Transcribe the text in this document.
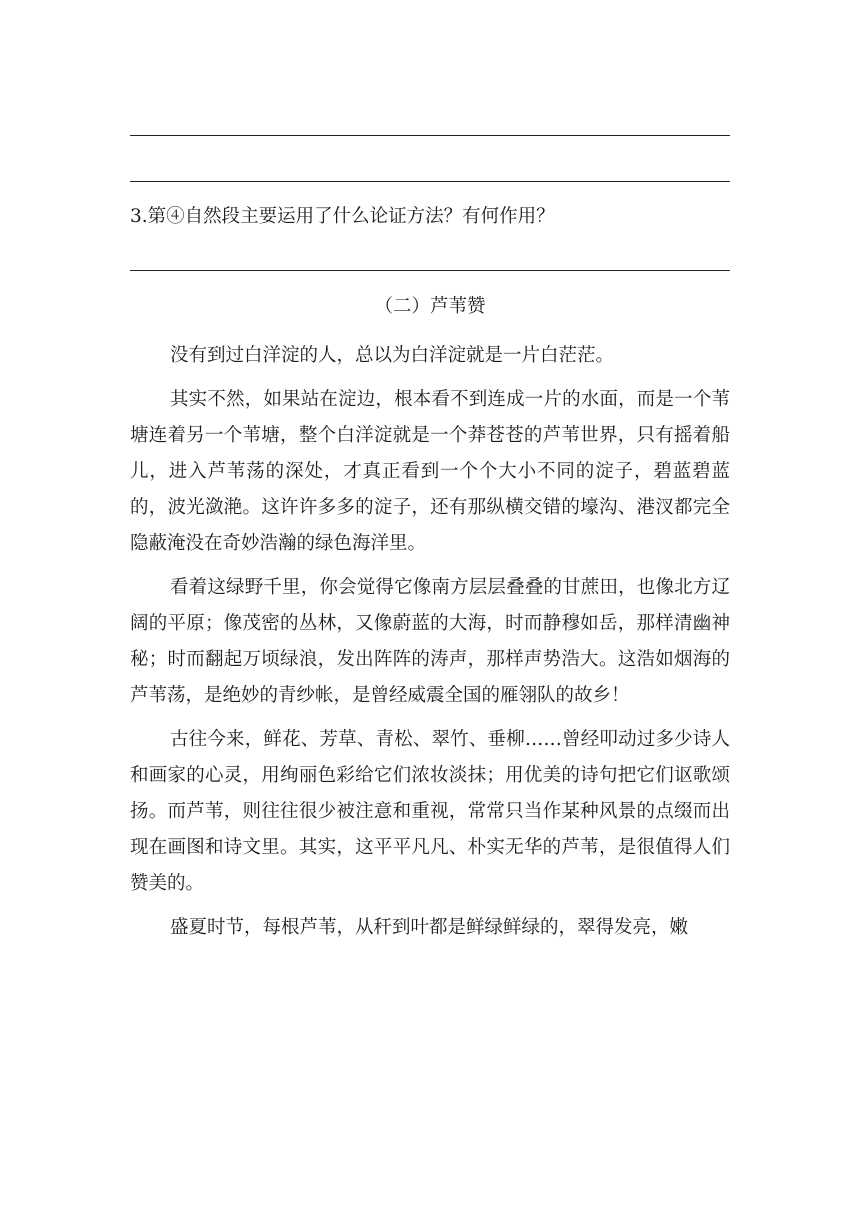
3.第④自然段主要运用了什么论证方法？有何作用？

（二）芦苇赞

没有到过白洋淀的人，总以为白洋淀就是一片白茫茫。

其实不然，如果站在淀边，根本看不到连成一片的水面，而是一个苇塘连着另一个苇塘，整个白洋淀就是一个莽苍苍的芦苇世界，只有摇着船儿，进入芦苇荡的深处，才真正看到一个个大小不同的淀子，碧蓝碧蓝的，波光潋滟。这许许多多的淀子，还有那纵横交错的壕沟、港汊都完全隐蔽淹没在奇妙浩瀚的绿色海洋里。

看着这绿野千里，你会觉得它像南方层层叠叠的甘蔗田，也像北方辽阔的平原；像茂密的丛林，又像蔚蓝的大海，时而静穆如岳，那样清幽神秘；时而翻起万顷绿浪，发出阵阵的涛声，那样声势浩大。这浩如烟海的芦苇荡，是绝妙的青纱帐，是曾经威震全国的雁翎队的故乡！

古往今来，鲜花、芳草、青松、翠竹、垂柳……曾经叩动过多少诗人和画家的心灵，用绚丽色彩给它们浓妆淡抹；用优美的诗句把它们讴歌颂扬。而芦苇，则往往很少被注意和重视，常常只当作某种风景的点缀而出现在画图和诗文里。其实，这平平凡凡、朴实无华的芦苇，是很值得人们赞美的。

盛夏时节，每根芦苇，从秆到叶都是鲜绿鲜绿的，翠得发亮，嫩
